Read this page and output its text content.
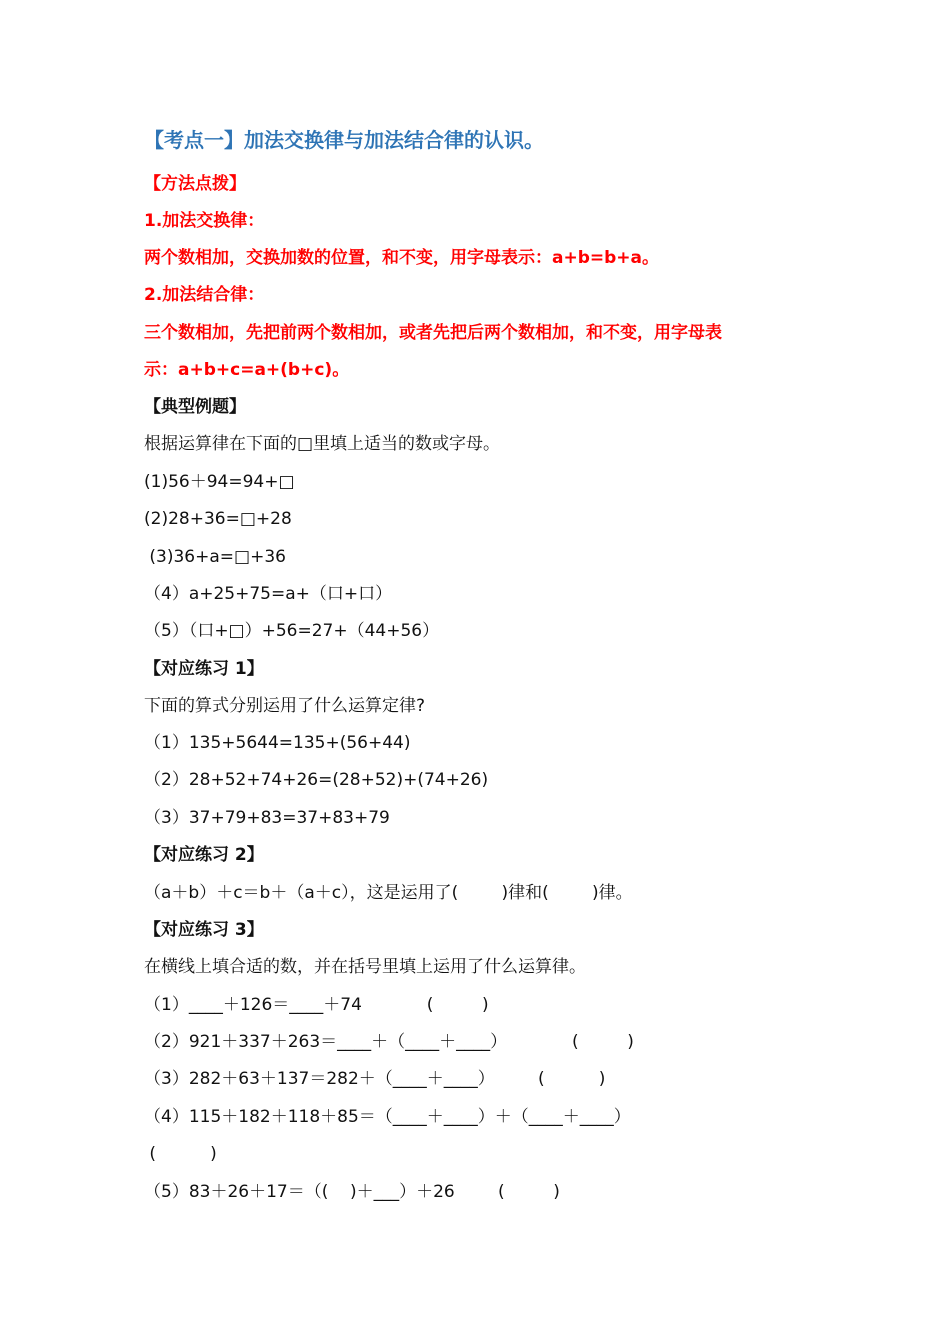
【考点一】加法交换律与加法结合律的认识。
【方法点拨】
1.加法交换律：
两个数相加，交换加数的位置，和不变，用字母表示：a+b=b+a。
2.加法结合律：
三个数相加，先把前两个数相加，或者先把后两个数相加，和不变，用字母表
示：a+b+c=a+(b+c)。
【典型例题】
根据运算律在下面的□里填上适当的数或字母。
(1)56＋94=94+□
(2)28+36=□+28
(3)36+a=□+36
（4）a+25+75=a+（口+口）
（5）（口+□）+56=27+（44+56）
【对应练习 1】
下面的算式分别运用了什么运算定律?
（1）135+5644=135+(56+44)
（2）28+52+74+26=(28+52)+(74+26)
（3）37+79+83=37+83+79
【对应练习 2】
（a＋b）＋c＝b＋（a＋c），这是运用了(        )律和(        )律。
【对应练习 3】
在横线上填合适的数，并在括号里填上运用了什么运算律。
（1）____＋126＝____＋74            (         )
（2）921＋337＋263＝____＋（____＋____）            (         )
（3）282＋63＋137＝282＋（____＋____）        (          )
（4）115＋182＋118＋85＝（____＋____）＋（____＋____）
(          )
（5）83＋26＋17＝（(    )＋___）＋26        (         )
